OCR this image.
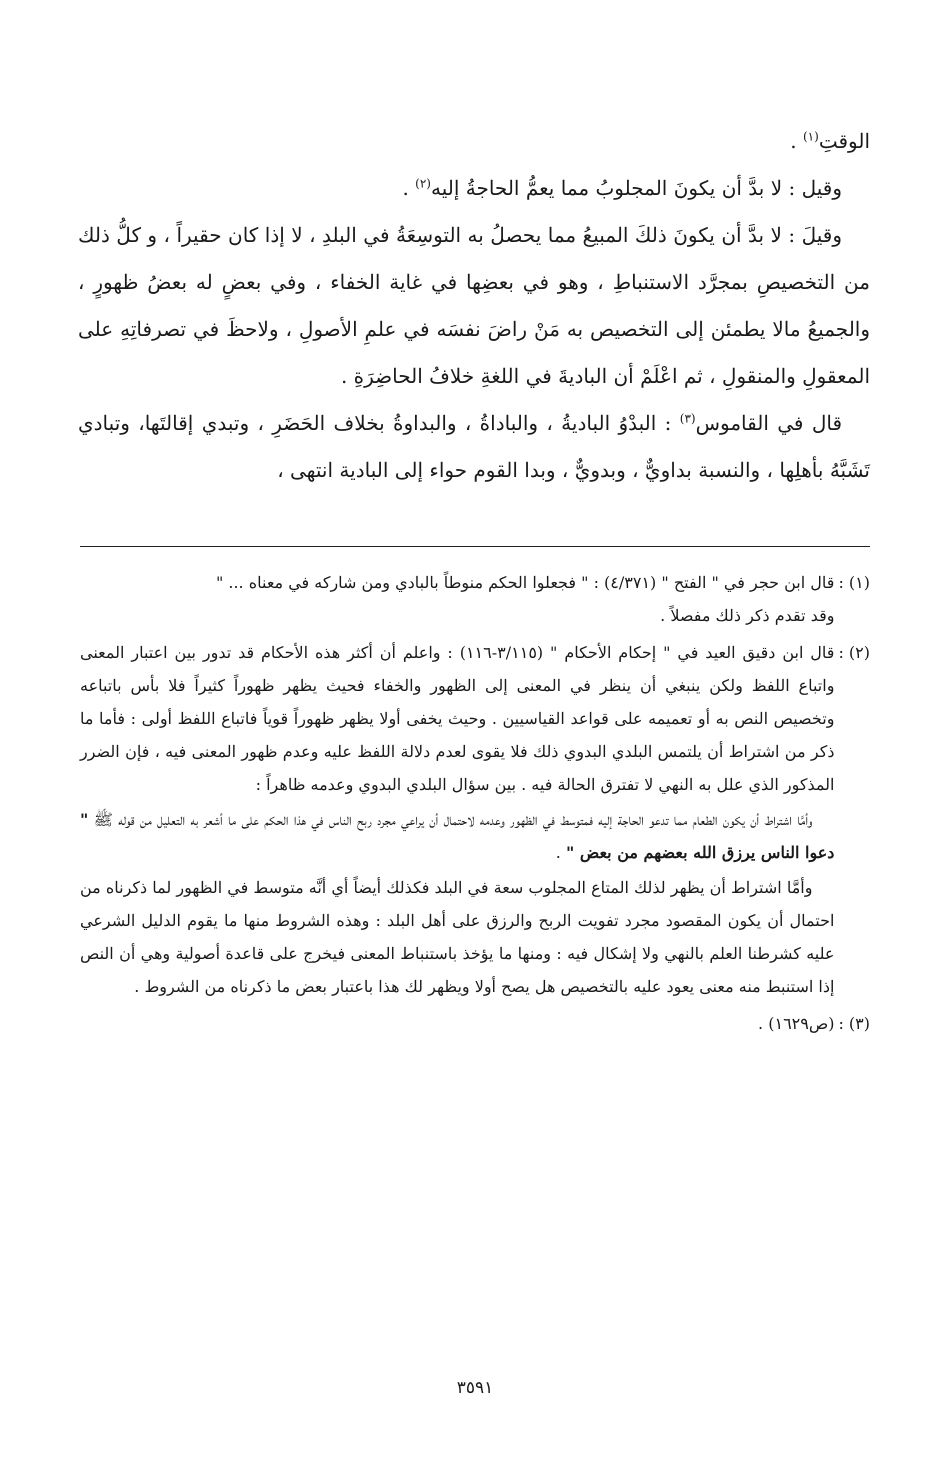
الوقتِ$^{(١)}$ .

وقيل : لا بدَّ أن يكونَ المجلوبُ مما يعمُّ الحاجةُ إليه$^{(٢)}$ .

وقيلَ : لا بدَّ أن يكونَ ذلكَ المبيعُ مما يحصلُ به التوسِعَةُ في البلدِ ، لا إذا كان حقيراً ، و كلُّ ذلك من التخصيصِ بمجرَّد الاستنباطِ ، وهو في بعضِها في غاية الخفاء ، وفي بعضٍ له بعضُ ظهورٍ ، والجميعُ مالا يطمئن إلى التخصيص به مَنْ راضَ نفسَه في علمِ الأصولِ ، ولاحظَ في تصرفاتِهِ على المعقولِ والمنقولِ ، ثم اعْلَمْ أن الباديةَ في اللغةِ خلافُ الحاضِرَةِ .

قال في القاموس$^{(٣)}$ : البدْوُ الباديةُ ، والباداةُ ، والبداوةُ بخلاف الحَضَرِ ، وتبدي إقالتَها، وتبادي تَشَبَّهُ بأهلِها ، والنسبة بداويٌّ ، وبدويٌّ ، وبدا القوم حواء إلى البادية انتهى ،

(١) :

قال ابن حجر في " الفتح " (٤/٣٧١) : " فجعلوا الحكم منوطاً بالبادي ومن شاركه في معناه ... "

وقد تقدم ذكر ذلك مفصلاً .

(٢) :

قال ابن دقيق العيد في " إحكام الأحكام " (٣/١١٥-١١٦) : واعلم أن أكثر هذه الأحكام قد تدور بين اعتبار المعنى واتباع اللفظ ولكن ينبغي أن ينظر في المعنى إلى الظهور والخفاء فحيث يظهر ظهوراً كثيراً فلا بأس باتباعه وتخصيص النص به أو تعميمه على قواعد القياسيين . وحيث يخفى أولا يظهر ظهوراً قوياً فاتباع اللفظ أولى : فأما ما ذكر من اشتراط أن يلتمس البلدي البدوي ذلك فلا يقوى لعدم دلالة اللفظ عليه وعدم ظهور المعنى فيه ، فإن الضرر المذكور الذي علل به النهي لا تفترق الحالة فيه . بين سؤال البلدي البدوي وعدمه ظاهراً :

وأمَّا اشتراط أن يكون الطعام مما تدعو الحاجة إليه فمتوسط في الظهور وعدمه لاحتمال أن يراعي مجرد ربح الناس في هذا الحكم على ما أشعر به التعليل من قوله ﷺ " دعوا الناس يرزق الله بعضهم من بعض " .

وأمَّا اشتراط أن يظهر لذلك المتاع المجلوب سعة في البلد فكذلك أيضاً أي أنَّه متوسط في الظهور لما ذكرناه من احتمال أن يكون المقصود مجرد تفويت الربح والرزق على أهل البلد : وهذه الشروط منها ما يقوم الدليل الشرعي عليه كشرطنا العلم بالنهي ولا إشكال فيه : ومنها ما يؤخذ باستنباط المعنى فيخرج على قاعدة أصولية وهي أن النص إذا استنبط منه معنى يعود عليه بالتخصيص هل يصح أولا ويظهر لك هذا باعتبار بعض ما ذكرناه من الشروط .

(٣) :

(ص١٦٢٩) .

٣٥٩١
